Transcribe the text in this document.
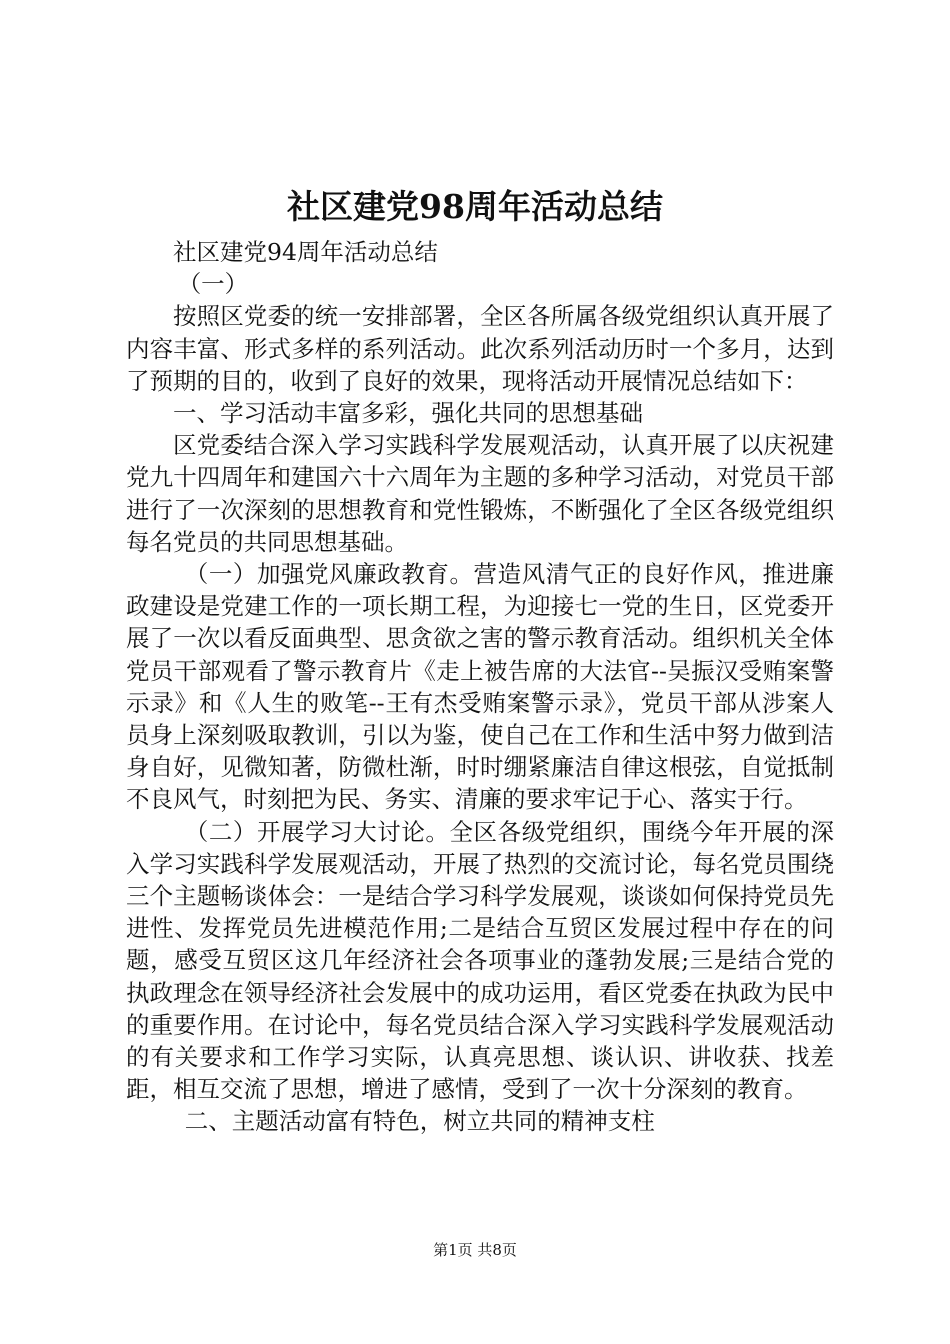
社区建党98周年活动总结

社区建党94周年活动总结

（一）

按照区党委的统一安排部署，全区各所属各级党组织认真开展了内容丰富、形式多样的系列活动。此次系列活动历时一个多月，达到了预期的目的，收到了良好的效果，现将活动开展情况总结如下：

一、学习活动丰富多彩，强化共同的思想基础

区党委结合深入学习实践科学发展观活动，认真开展了以庆祝建党九十四周年和建国六十六周年为主题的多种学习活动，对党员干部进行了一次深刻的思想教育和党性锻炼，不断强化了全区各级党组织每名党员的共同思想基础。

（一）加强党风廉政教育。营造风清气正的良好作风，推进廉政建设是党建工作的一项长期工程，为迎接七一党的生日，区党委开展了一次以看反面典型、思贪欲之害的警示教育活动。组织机关全体党员干部观看了警示教育片《走上被告席的大法官--吴振汉受贿案警示录》和《人生的败笔--王有杰受贿案警示录》，党员干部从涉案人员身上深刻吸取教训，引以为鉴，使自己在工作和生活中努力做到洁身自好，见微知著，防微杜渐，时时绷紧廉洁自律这根弦，自觉抵制不良风气，时刻把为民、务实、清廉的要求牢记于心、落实于行。

（二）开展学习大讨论。全区各级党组织，围绕今年开展的深入学习实践科学发展观活动，开展了热烈的交流讨论，每名党员围绕三个主题畅谈体会：一是结合学习科学发展观，谈谈如何保持党员先进性、发挥党员先进模范作用;二是结合互贸区发展过程中存在的问题，感受互贸区这几年经济社会各项事业的蓬勃发展;三是结合党的执政理念在领导经济社会发展中的成功运用，看区党委在执政为民中的重要作用。在讨论中，每名党员结合深入学习实践科学发展观活动的有关要求和工作学习实际，认真亮思想、谈认识、讲收获、找差距，相互交流了思想，增进了感情，受到了一次十分深刻的教育。

二、主题活动富有特色，树立共同的精神支柱

第1页 共8页
